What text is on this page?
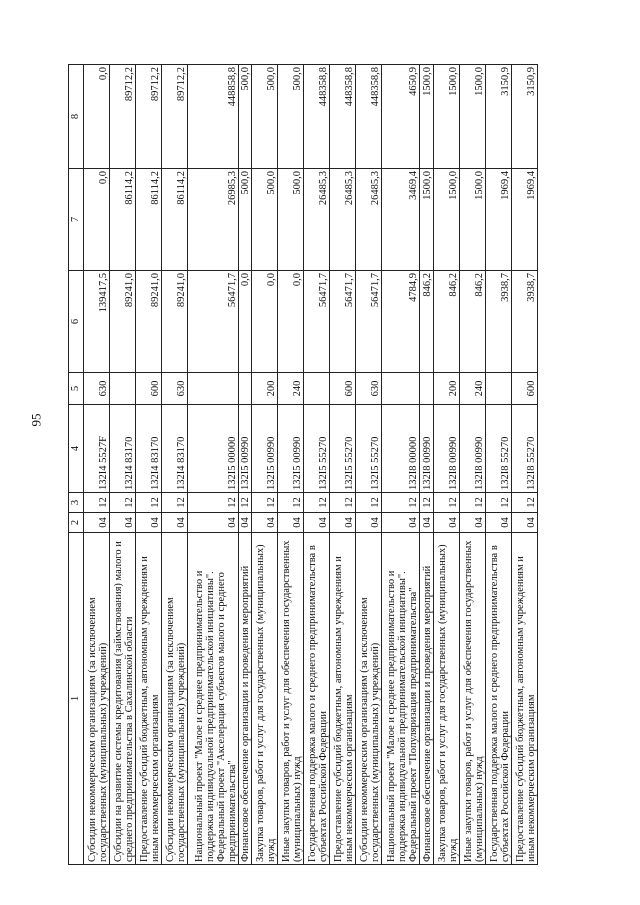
95
1	2	3	4	5	6	7	8
Субсидии некоммерческим организациям (за исключением государственных (муниципальных) учреждений)	04	12	132I4 5527F	630	139417,5	0,0	0,0
Субсидии на развитие системы кредитования (займствования) малого и среднего предпринимательства в Сахалинской области	04	12	132I4 83170		89241,0	86114,2	89712,2
Предоставление субсидий бюджетным, автономным учреждениям и иным некоммерческим организациям	04	12	132I4 83170	600	89241,0	86114,2	89712,2
Субсидии некоммерческим организациям (за исключением государственных (муниципальных) учреждений)	04	12	132I4 83170	630	89241,0	86114,2	89712,2
Национальный проект "Малое и среднее предпринимательство и поддержка индивидуальной предпринимательской инициативы". Федеральный проект "Акселерация субъектов малого и среднего предпринимательства"	04	12	132I5 00000		56471,7	26985,3	448858,8
Финансовое обеспечение организации и проведения мероприятий	04	12	132I5 00990		0,0	500,0	500,0
Закупка товаров, работ и услуг для государственных (муниципальных) нужд	04	12	132I5 00990	200	0,0	500,0	500,0
Иные закупки товаров, работ и услуг для обеспечения государственных (муниципальных) нужд	04	12	132I5 00990	240	0,0	500,0	500,0
Государственная поддержка малого и среднего предпринимательства в субъектах Российской Федерации	04	12	132I5 55270		56471,7	26485,3	448358,8
Предоставление субсидий бюджетным, автономным учреждениям и иным некоммерческим организациям	04	12	132I5 55270	600	56471,7	26485,3	448358,8
Субсидии некоммерческим организациям (за исключением государственных (муниципальных) учреждений)	04	12	132I5 55270	630	56471,7	26485,3	448358,8
Национальный проект "Малое и среднее предпринимательство и поддержка индивидуальной предпринимательской инициативы". Федеральный проект "Популяризация предпринимательства"	04	12	132I8 00000		4784,9	3469,4	4650,9
Финансовое обеспечение организации и проведения мероприятий	04	12	132I8 00990		846,2	1500,0	1500,0
Закупка товаров, работ и услуг для государственных (муниципальных) нужд	04	12	132I8 00990	200	846,2	1500,0	1500,0
Иные закупки товаров, работ и услуг для обеспечения государственных (муниципальных) нужд	04	12	132I8 00990	240	846,2	1500,0	1500,0
Государственная поддержка малого и среднего предпринимательства в субъектах Российской Федерации	04	12	132I8 55270		3938,7	1969,4	3150,9
Предоставление субсидий бюджетным, автономным учреждениям и иным некоммерческим организациям	04	12	132I8 55270	600	3938,7	1969,4	3150,9
